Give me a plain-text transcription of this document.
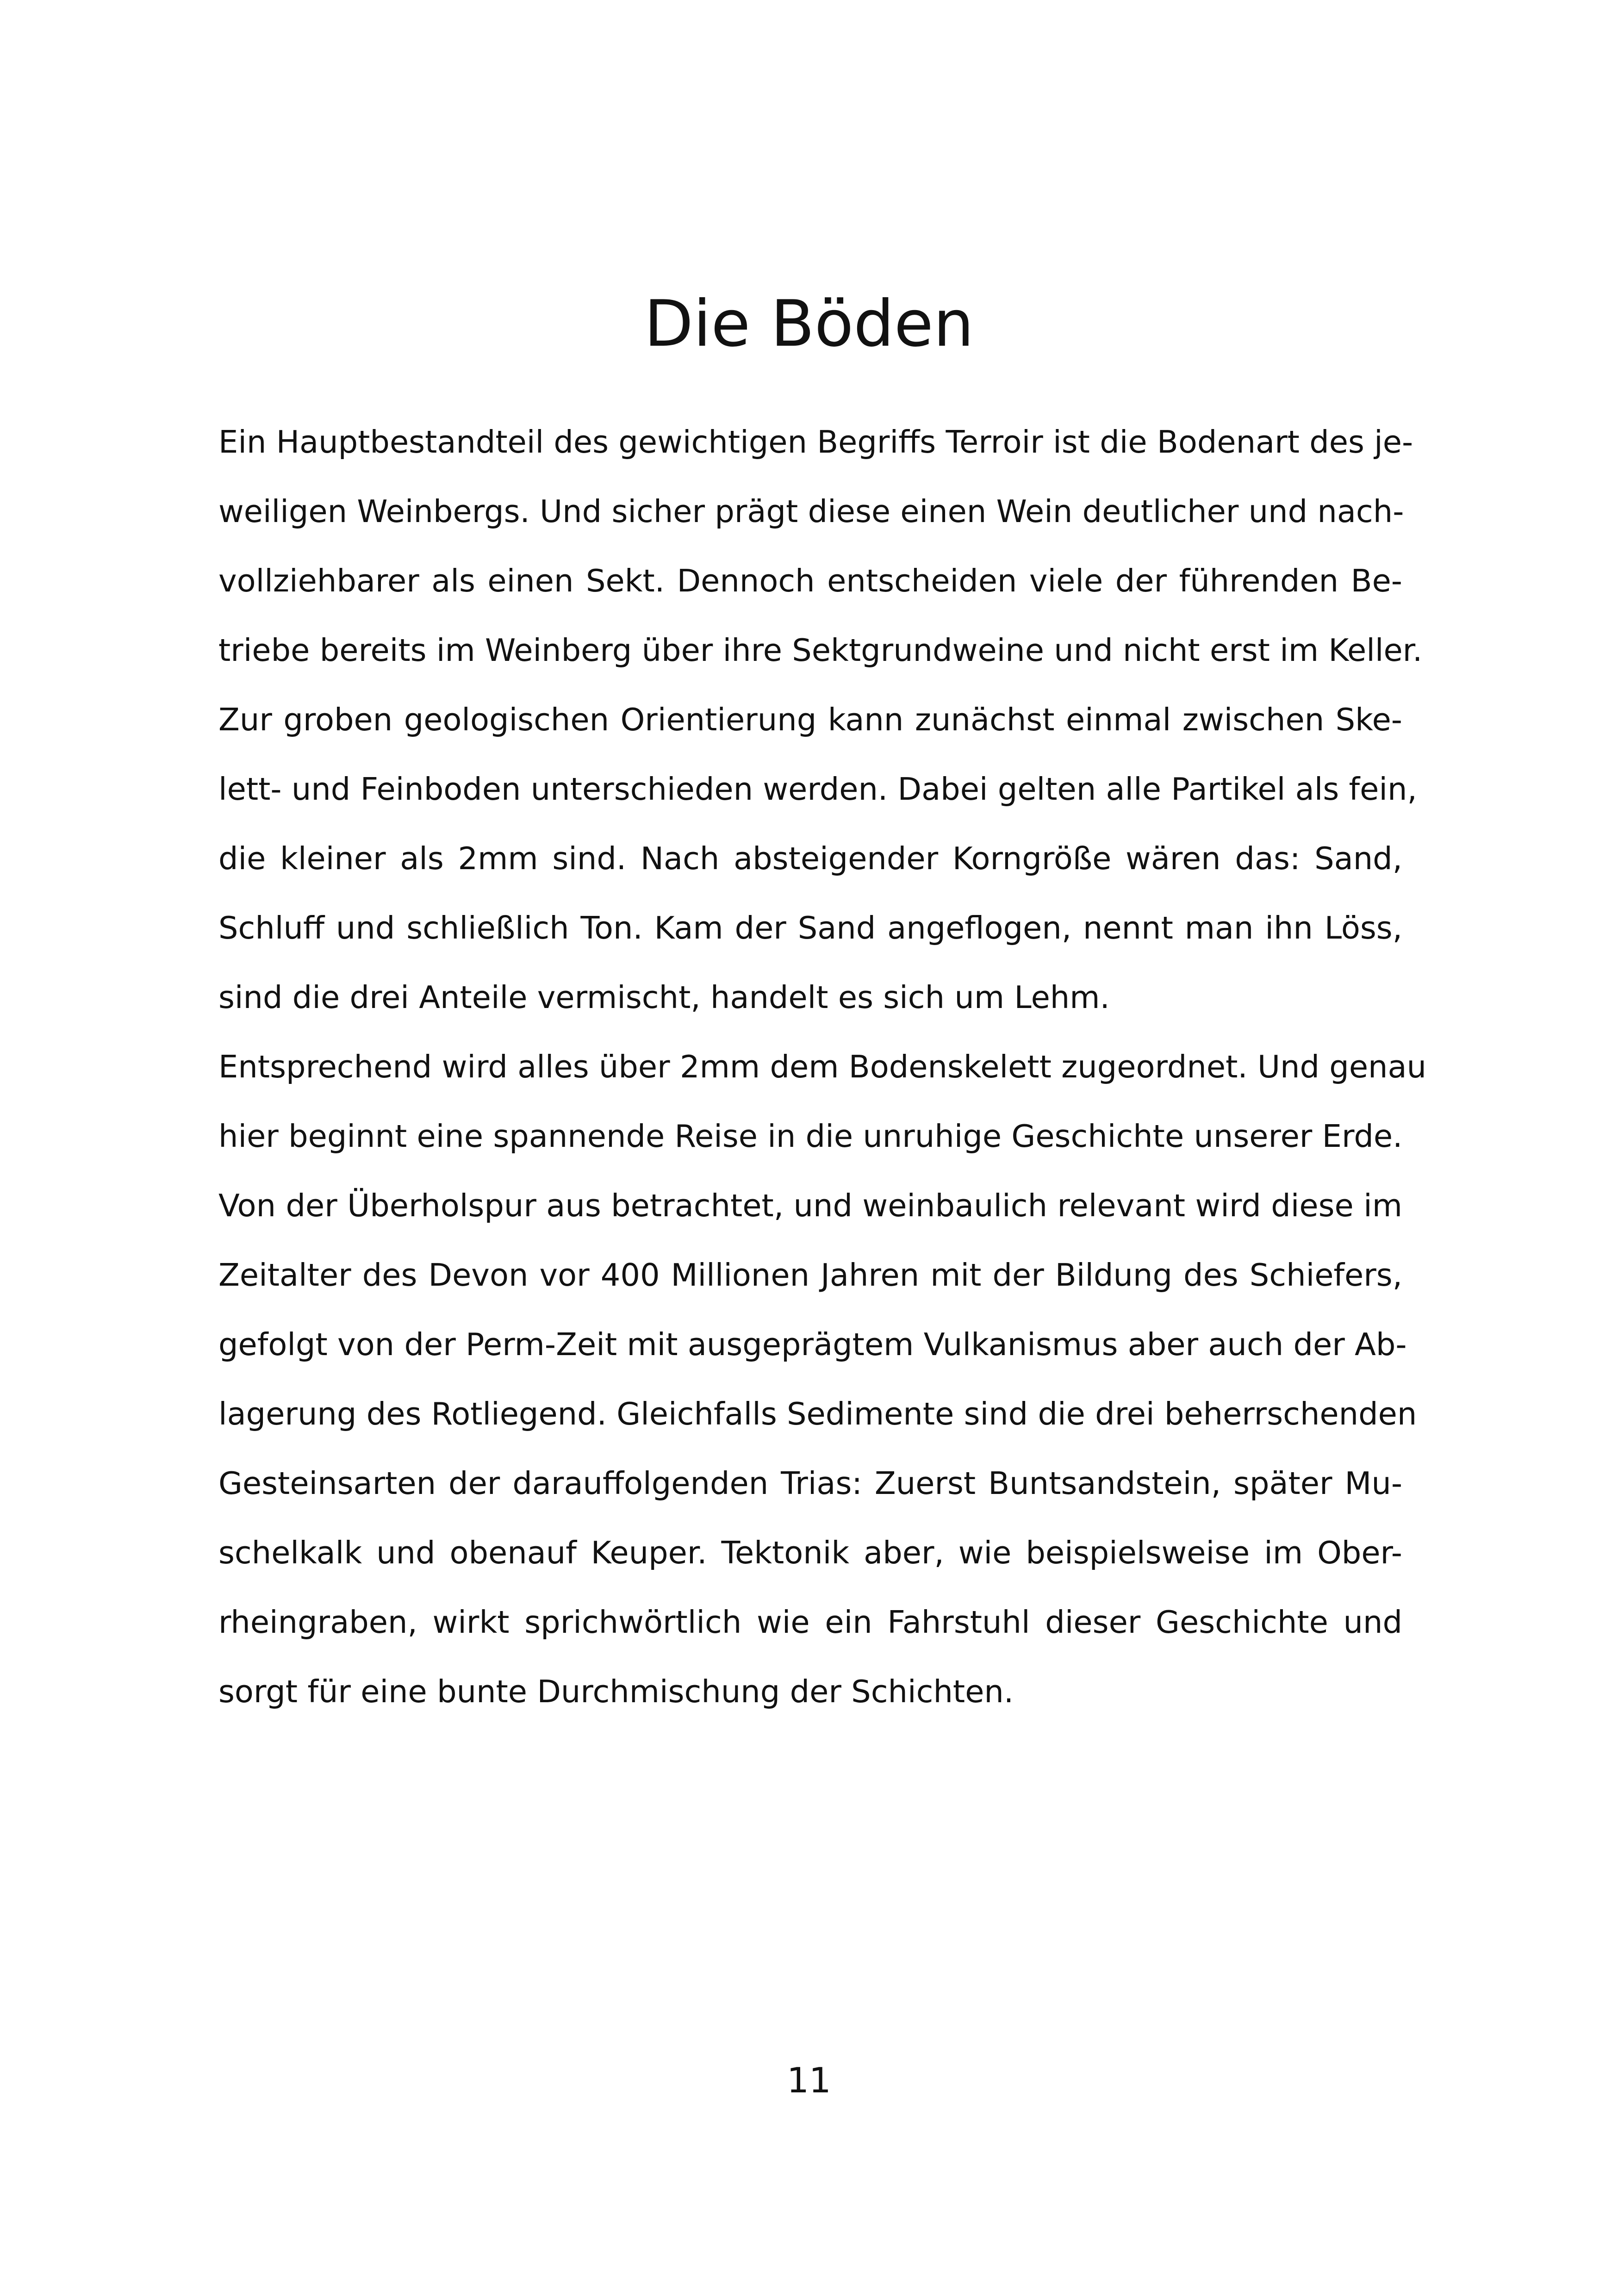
Die Böden
Ein Hauptbestandteil des gewichtigen Begriffs Terroir ist die Bodenart des je-
weiligen Weinbergs. Und sicher prägt diese einen Wein deutlicher und nach-
vollziehbarer als einen Sekt. Dennoch entscheiden viele der führenden Be-
triebe bereits im Weinberg über ihre Sektgrundweine und nicht erst im Keller.
Zur groben geologischen Orientierung kann zunächst einmal zwischen Ske-
lett- und Feinboden unterschieden werden. Dabei gelten alle Partikel als fein,
die kleiner als 2mm sind. Nach absteigender Korngröße wären das: Sand,
Schluff und schließlich Ton. Kam der Sand angeflogen, nennt man ihn Löss,
sind die drei Anteile vermischt, handelt es sich um Lehm.
Entsprechend wird alles über 2mm dem Bodenskelett zugeordnet. Und genau
hier beginnt eine spannende Reise in die unruhige Geschichte unserer Erde.
Von der Überholspur aus betrachtet, und weinbaulich relevant wird diese im
Zeitalter des Devon vor 400 Millionen Jahren mit der Bildung des Schiefers,
gefolgt von der Perm-Zeit mit ausgeprägtem Vulkanismus aber auch der Ab-
lagerung des Rotliegend. Gleichfalls Sedimente sind die drei beherrschenden
Gesteinsarten der darauffolgenden Trias: Zuerst Buntsandstein, später Mu-
schelkalk und obenauf Keuper. Tektonik aber, wie beispielsweise im Ober-
rheingraben, wirkt sprichwörtlich wie ein Fahrstuhl dieser Geschichte und
sorgt für eine bunte Durchmischung der Schichten.
11
